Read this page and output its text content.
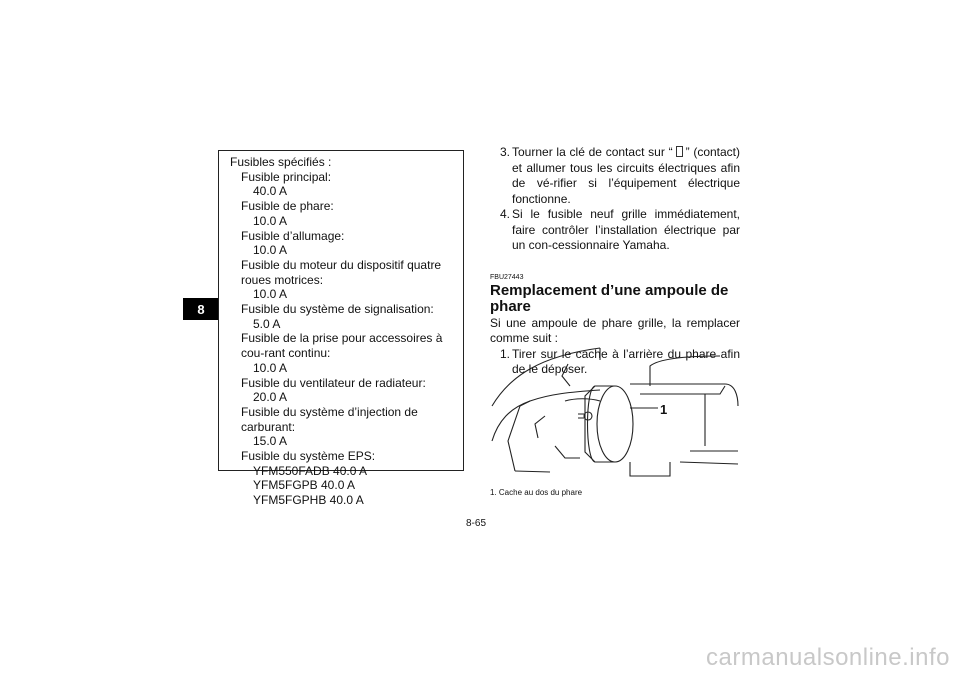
8
Fusibles spécifiés :
Fusible principal:
40.0 A
Fusible de phare:
10.0 A
Fusible d’allumage:
10.0 A
Fusible du moteur du dispositif quatre roues motrices:
10.0 A
Fusible du système de signalisation:
5.0 A
Fusible de la prise pour accessoires à cou-rant continu:
10.0 A
Fusible du ventilateur de radiateur:
20.0 A
Fusible du système d’injection de carburant:
15.0 A
Fusible du système EPS:
YFM550FADB 40.0 A
YFM5FGPB 40.0 A
YFM5FGPHB 40.0 A
3. Tourner la clé de contact sur “ ” (contact) et allumer tous les circuits électriques afin de vé-rifier si l’équipement électrique fonctionne.
4. Si le fusible neuf grille immédiatement, faire contrôler l’installation électrique par un con-cessionnaire Yamaha.
FBU27443
Remplacement d’une ampoule de phare
Si une ampoule de phare grille, la remplacer comme suit :
1. Tirer sur le cache à l’arrière du phare afin de le déposer.
1
1. Cache au dos du phare
8-65
carmanualsonline.info
